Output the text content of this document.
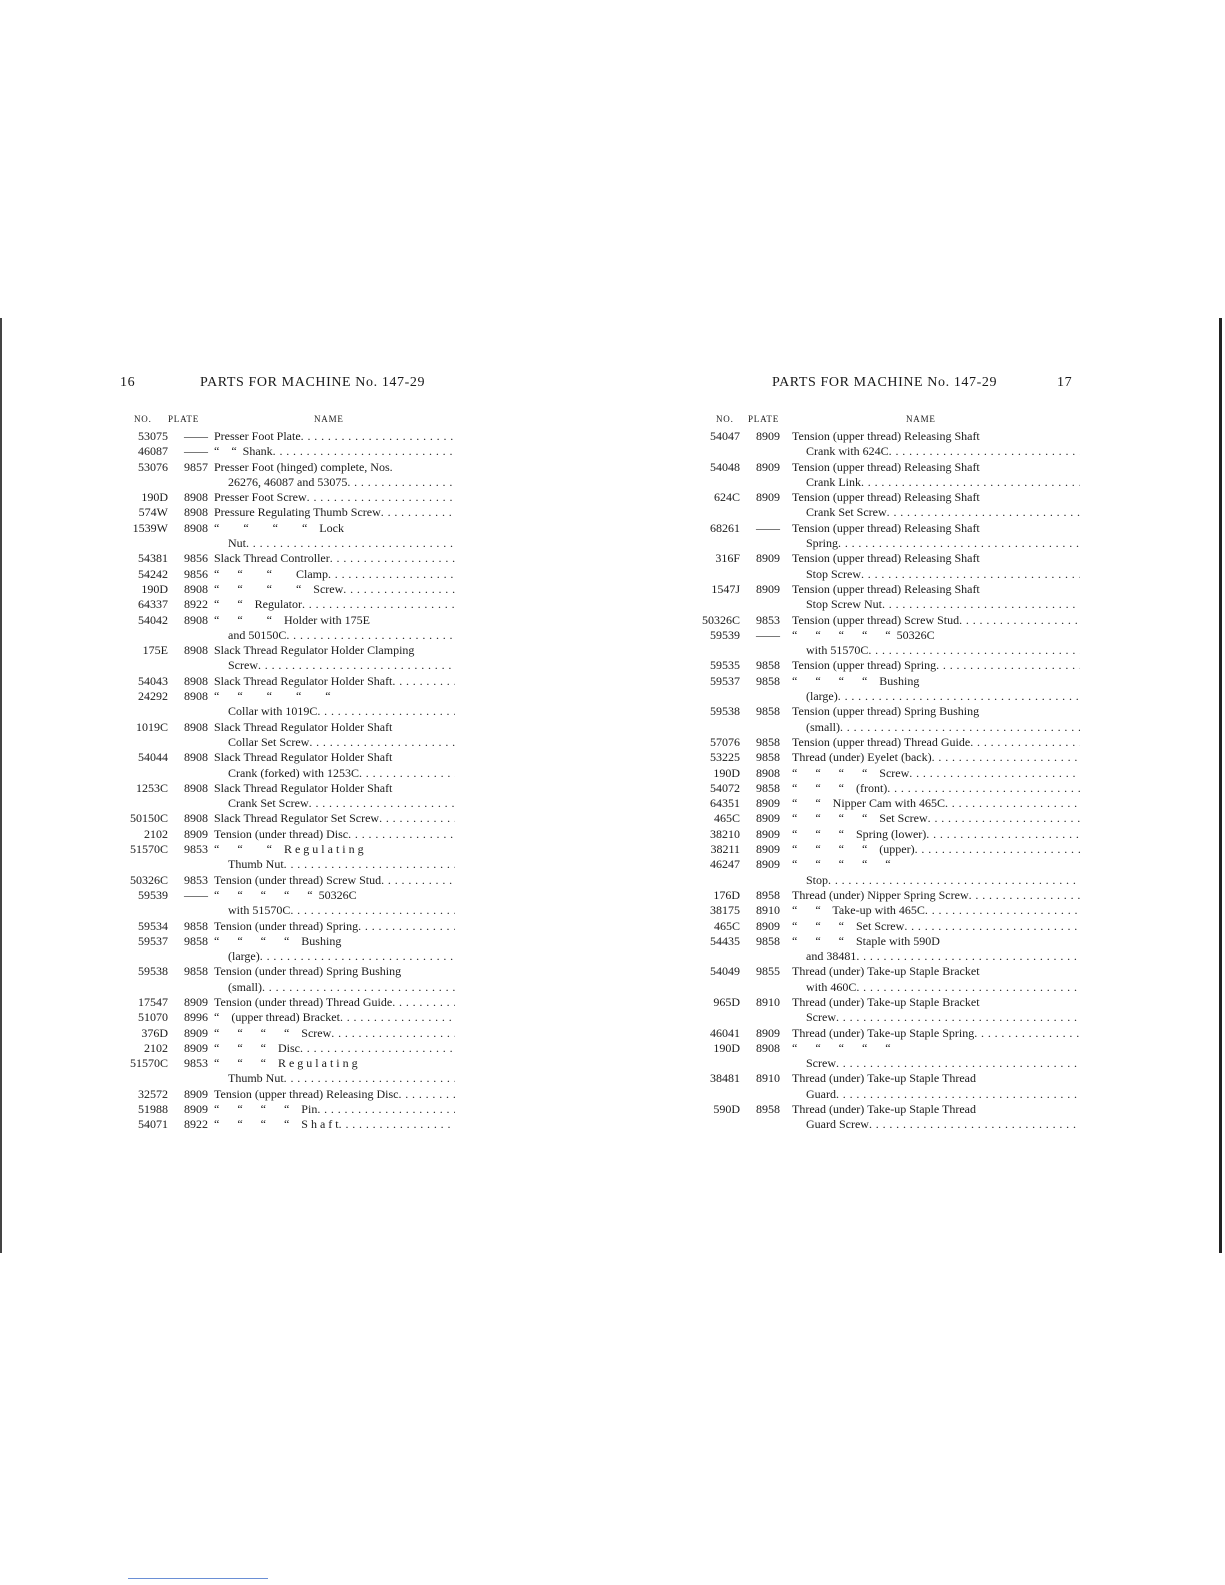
16	PARTS FOR MACHINE No. 147-29
NO. PLATE	NAME
53075	—— Presser Foot Plate
. . .
46087	—— “    “  Shank
. . .
53076	9857 Presser Foot (hinged) complete, Nos.
26276, 46087 and 53075
. . .
190D	8908 Presser Foot Screw
. . .
574W	8908 Pressure Regulating Thumb Screw
. . .
1539W	8908 “        “        “        “    Lock
Nut
. . .
54381	9856 Slack Thread Controller
. . .
54242	9856 “      “        “        Clamp
. . .
190D	8908 “      “        “        “    Screw
. . .
64337	8922 “      “    Regulator
. . .
54042	8908 “      “        “    Holder with 175E
and 50150C
. . .
175E	8908 Slack Thread Regulator Holder Clamping
Screw
. . .
54043	8908 Slack Thread Regulator Holder Shaft
. . .
24292	8908 “      “        “        “        “
Collar with 1019C
. . .
1019C	8908 Slack Thread Regulator Holder Shaft
Collar Set Screw
. . .
54044	8908 Slack Thread Regulator Holder Shaft
Crank (forked) with 1253C
. . .
1253C	8908 Slack Thread Regulator Holder Shaft
Crank Set Screw
. . .
50150C	8908 Slack Thread Regulator Set Screw
. . .
2102	8909 Tension (under thread) Disc
. . .
51570C	9853 “      “        “    R e g u l a t i n g
Thumb Nut
. . .
50326C	9853 Tension (under thread) Screw Stud
. . .
59539	—— “      “      “      “      “  50326C
with 51570C
. . .
59534	9858 Tension (under thread) Spring
. . .
59537	9858 “      “      “      “    Bushing
(large)
. . .
59538	9858 Tension (under thread) Spring Bushing
(small)
. . .
17547	8909 Tension (under thread) Thread Guide
. . .
51070	8996 “    (upper thread) Bracket
. . .
376D	8909 “      “      “      “    Screw
. . .
2102	8909 “      “      “    Disc
. . .
51570C	9853 “      “      “    R e g u l a t i n g
Thumb Nut
. . .
32572	8909 Tension (upper thread) Releasing Disc
. . .
51988	8909 “      “      “      “    Pin
. . .
54071	8922 “      “      “      “    S h a f t
. . .
PARTS FOR MACHINE No. 147-29	17
NO. PLATE	NAME
54047	8909 Tension (upper thread) Releasing Shaft
Crank with 624C
. . .
54048	8909 Tension (upper thread) Releasing Shaft
Crank Link
. . .
624C	8909 Tension (upper thread) Releasing Shaft
Crank Set Screw
. . .
68261	—— Tension (upper thread) Releasing Shaft
Spring
. . .
316F	8909 Tension (upper thread) Releasing Shaft
Stop Screw
. . .
1547J	8909 Tension (upper thread) Releasing Shaft
Stop Screw Nut
. . .
50326C	9853 Tension (upper thread) Screw Stud
. . .
59539	—— “      “      “      “      “  50326C
with 51570C
. . .
59535	9858 Tension (upper thread) Spring
. . .
59537	9858 “      “      “      “    Bushing
(large)
. . .
59538	9858 Tension (upper thread) Spring Bushing
(small)
. . .
57076	9858 Tension (upper thread) Thread Guide
. . .
53225	9858 Thread (under) Eyelet (back)
. . .
190D	8908 “      “      “      “    Screw
. . .
54072	9858 “      “      “    (front)
. . .
64351	8909 “      “    Nipper Cam with 465C
. . .
465C	8909 “      “      “      “    Set Screw
. . .
38210	8909 “      “      “    Spring (lower)
. . .
38211	8909 “      “      “      “    (upper)
. . .
46247	8909 “      “      “      “      “
Stop
. . .
176D	8958 Thread (under) Nipper Spring Screw
. . .
38175	8910 “      “    Take-up with 465C
. . .
465C	8909 “      “      “    Set Screw
. . .
54435	9858 “      “      “    Staple with 590D
and 38481
. . .
54049	9855 Thread (under) Take-up Staple Bracket
with 460C
. . .
965D	8910 Thread (under) Take-up Staple Bracket
Screw
. . .
46041	8909 Thread (under) Take-up Staple Spring
. . .
190D	8908 “      “      “      “      “
Screw
. . .
38481	8910 Thread (under) Take-up Staple Thread
Guard
. . .
590D	8958 Thread (under) Take-up Staple Thread
Guard Screw
. . .
